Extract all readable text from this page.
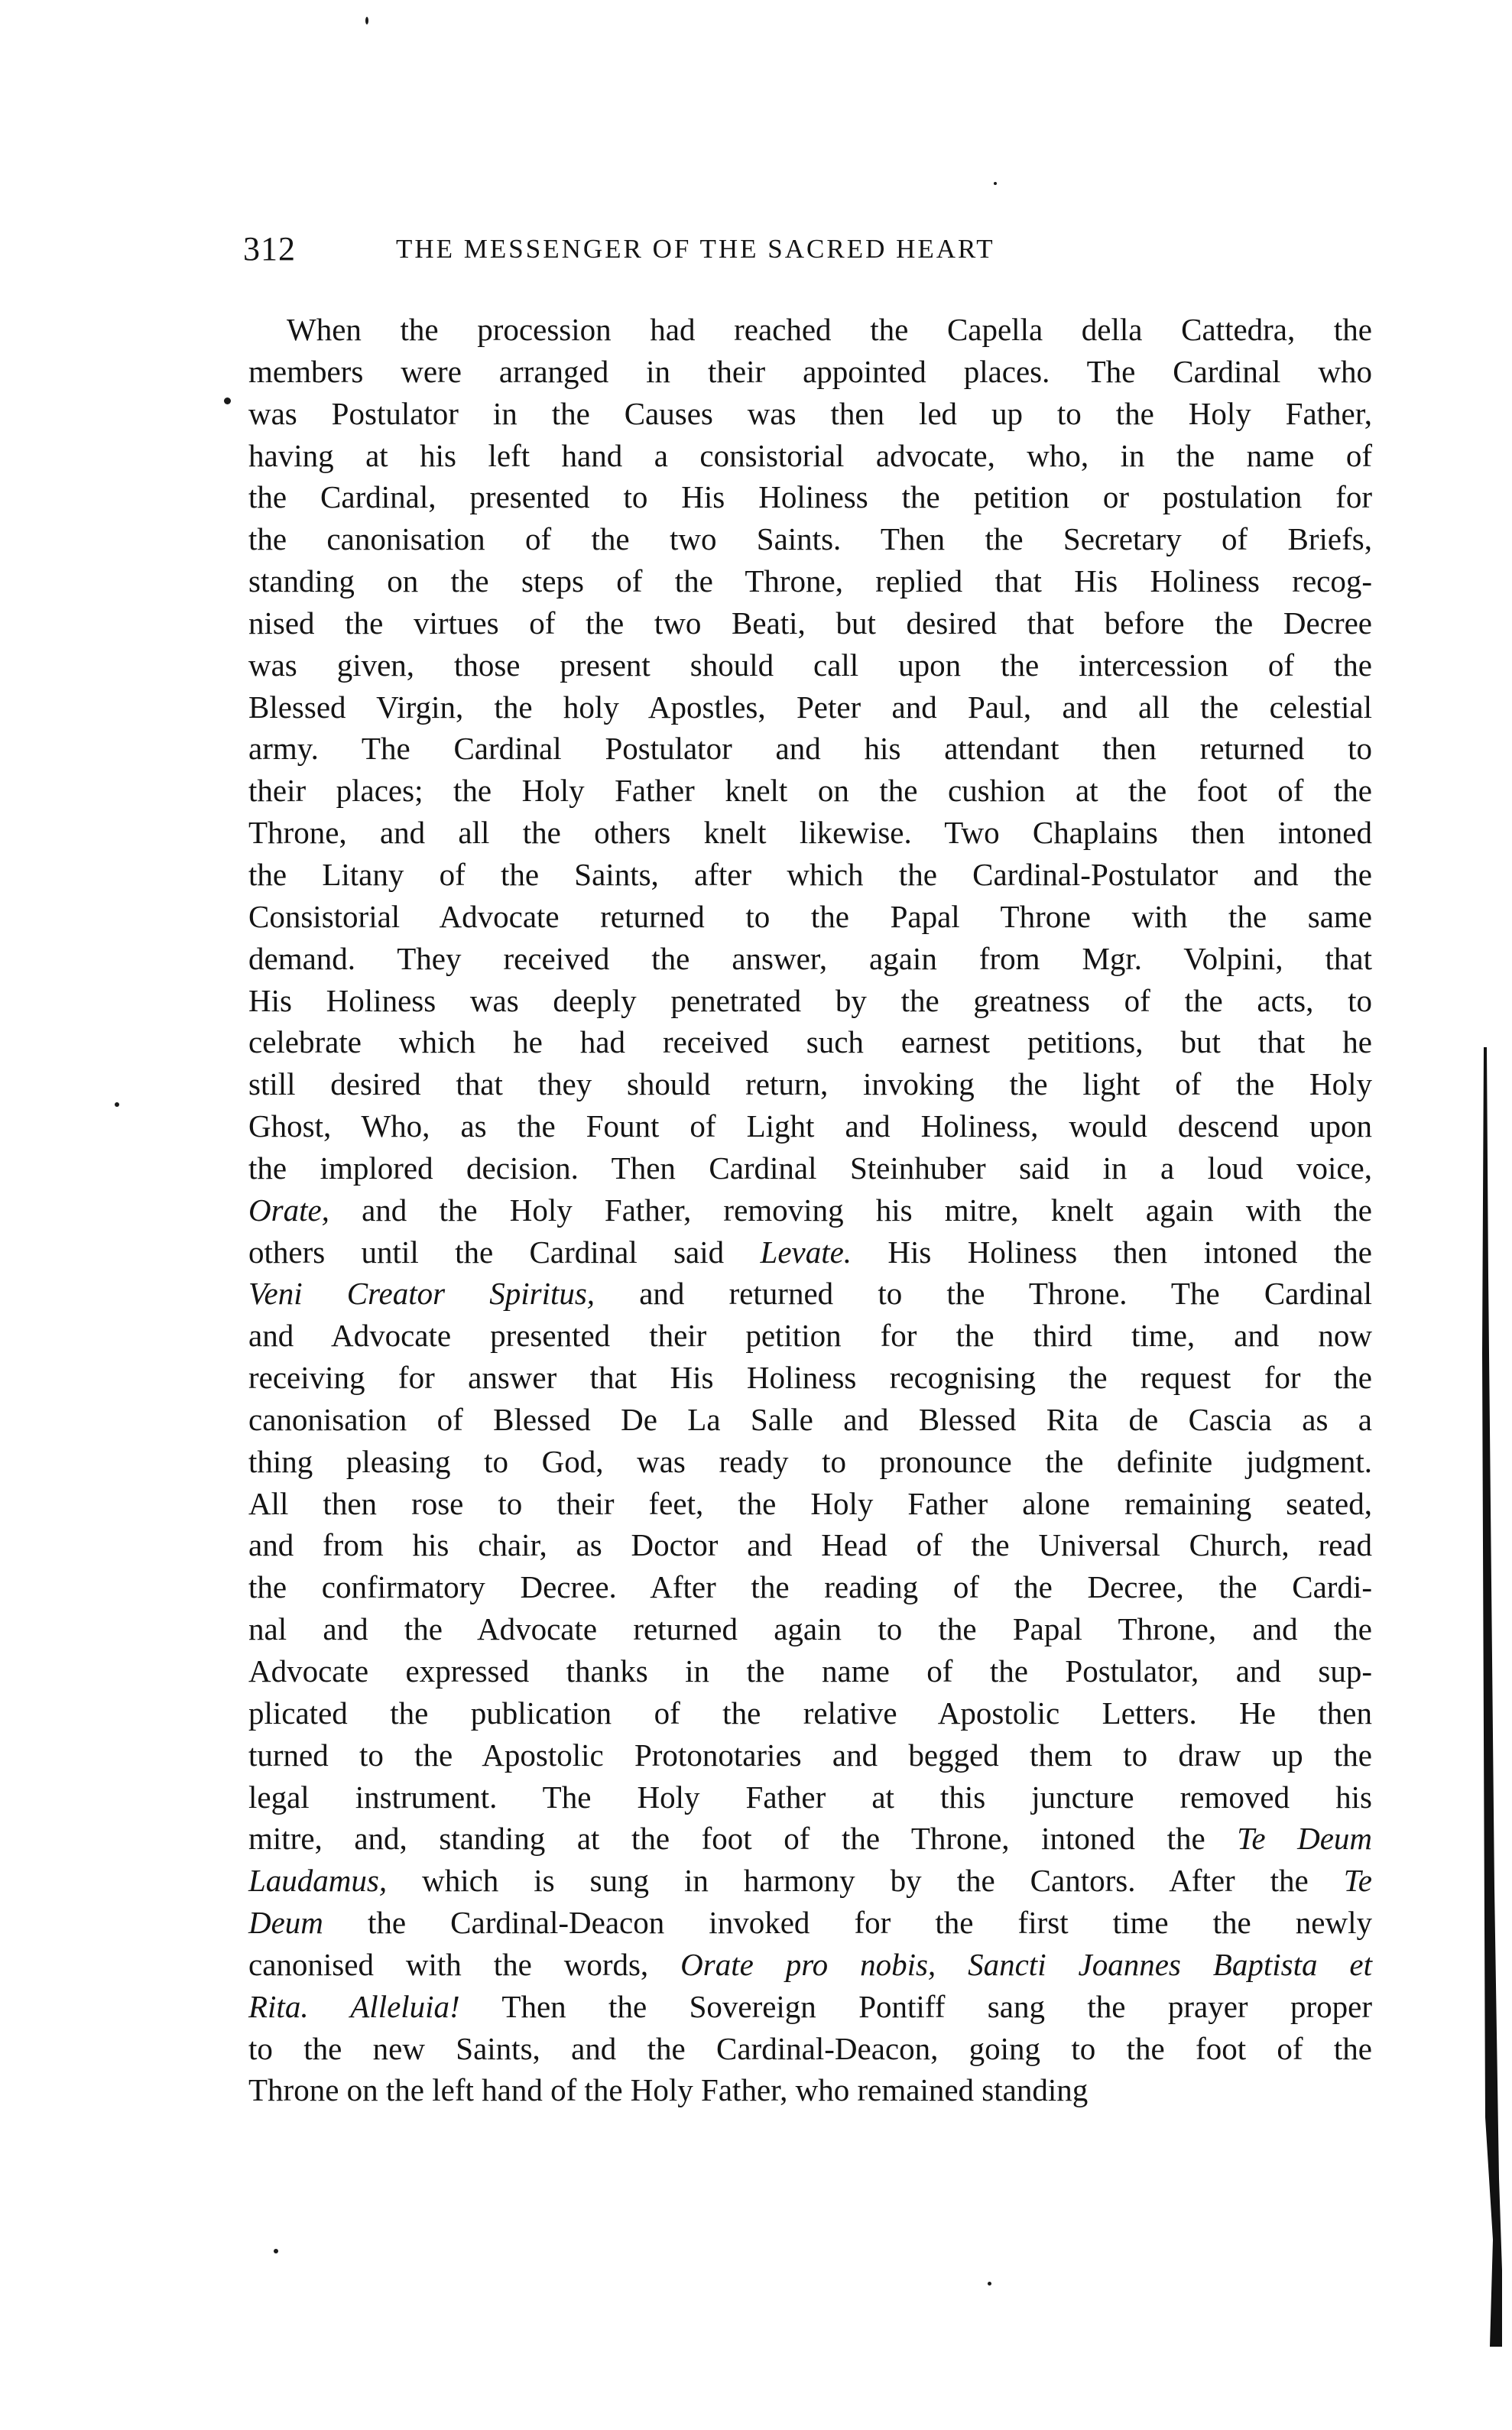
312	THE MESSENGER OF THE SACRED HEART
When the procession had reached the Capella della Cattedra, the
members were arranged in their appointed places. The Cardinal who
was Postulator in the Causes was then led up to the Holy Father,
having at his left hand a consistorial advocate, who, in the name of
the Cardinal, presented to His Holiness the petition or postulation for
the canonisation of the two Saints. Then the Secretary of Briefs,
standing on the steps of the Throne, replied that His Holiness recog-
nised the virtues of the two Beati, but desired that before the Decree
was given, those present should call upon the intercession of the
Blessed Virgin, the holy Apostles, Peter and Paul, and all the celestial
army. The Cardinal Postulator and his attendant then returned to
their places; the Holy Father knelt on the cushion at the foot of the
Throne, and all the others knelt likewise. Two Chaplains then intoned
the Litany of the Saints, after which the Cardinal-Postulator and the
Consistorial Advocate returned to the Papal Throne with the same
demand. They received the answer, again from Mgr. Volpini, that
His Holiness was deeply penetrated by the greatness of the acts, to
celebrate which he had received such earnest petitions, but that he
still desired that they should return, invoking the light of the Holy
Ghost, Who, as the Fount of Light and Holiness, would descend upon
the implored decision. Then Cardinal Steinhuber said in a loud voice,
Orate, and the Holy Father, removing his mitre, knelt again with the
others until the Cardinal said Levate. His Holiness then intoned the
Veni Creator Spiritus, and returned to the Throne. The Cardinal
and Advocate presented their petition for the third time, and now
receiving for answer that His Holiness recognising the request for the
canonisation of Blessed De La Salle and Blessed Rita de Cascia as a
thing pleasing to God, was ready to pronounce the definite judgment.
All then rose to their feet, the Holy Father alone remaining seated,
and from his chair, as Doctor and Head of the Universal Church, read
the confirmatory Decree. After the reading of the Decree, the Cardi-
nal and the Advocate returned again to the Papal Throne, and the
Advocate expressed thanks in the name of the Postulator, and sup-
plicated the publication of the relative Apostolic Letters. He then
turned to the Apostolic Protonotaries and begged them to draw up the
legal instrument. The Holy Father at this juncture removed his
mitre, and, standing at the foot of the Throne, intoned the Te Deum
Laudamus, which is sung in harmony by the Cantors. After the Te
Deum the Cardinal-Deacon invoked for the first time the newly
canonised with the words, Orate pro nobis, Sancti Joannes Baptista et
Rita. Alleluia! Then the Sovereign Pontiff sang the prayer proper
to the new Saints, and the Cardinal-Deacon, going to the foot of the
Throne on the left hand of the Holy Father, who remained standing
